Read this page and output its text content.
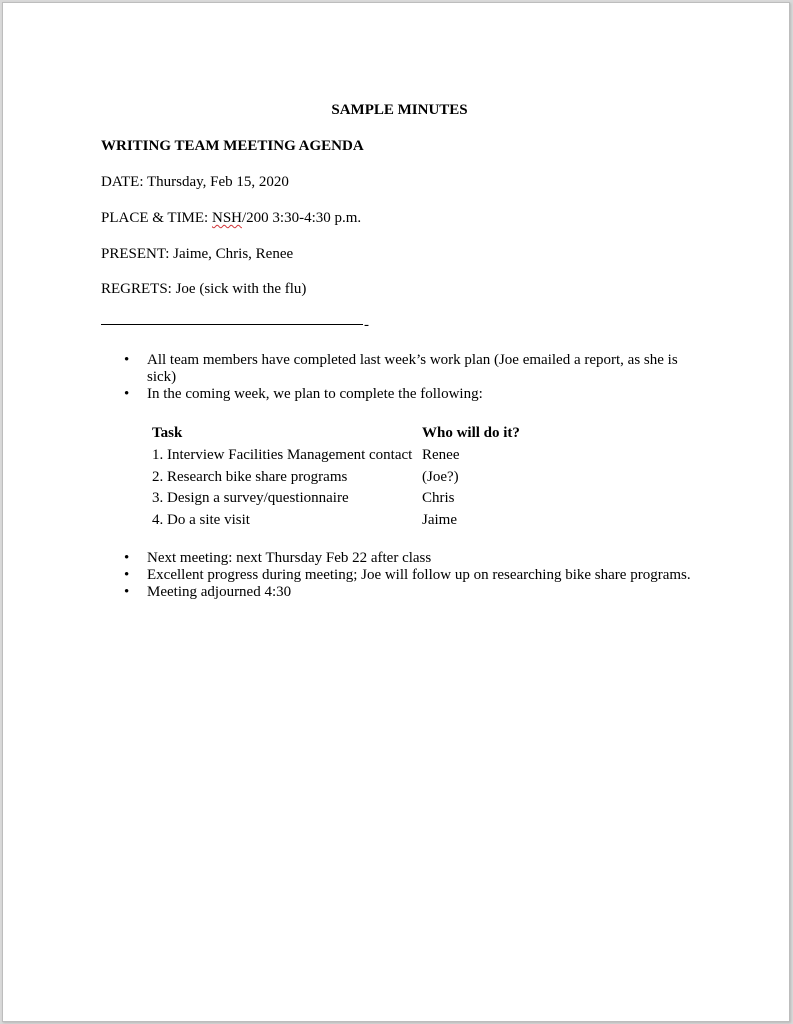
SAMPLE MINUTES
WRITING TEAM MEETING AGENDA
DATE: Thursday, Feb 15, 2020
PLACE & TIME: NSH/200 3:30-4:30 p.m.
PRESENT: Jaime, Chris, Renee
REGRETS: Joe (sick with the flu)
-
• All team members have completed last week’s work plan (Joe emailed a report, as she is sick)
• In the coming week, we plan to complete the following:
Task	Who will do it?
1. Interview Facilities Management contact	Renee
2. Research bike share programs	(Joe?)
3. Design a survey/questionnaire	Chris
4. Do a site visit	Jaime
• Next meeting: next Thursday Feb 22 after class
• Excellent progress during meeting; Joe will follow up on researching bike share programs.
• Meeting adjourned 4:30
